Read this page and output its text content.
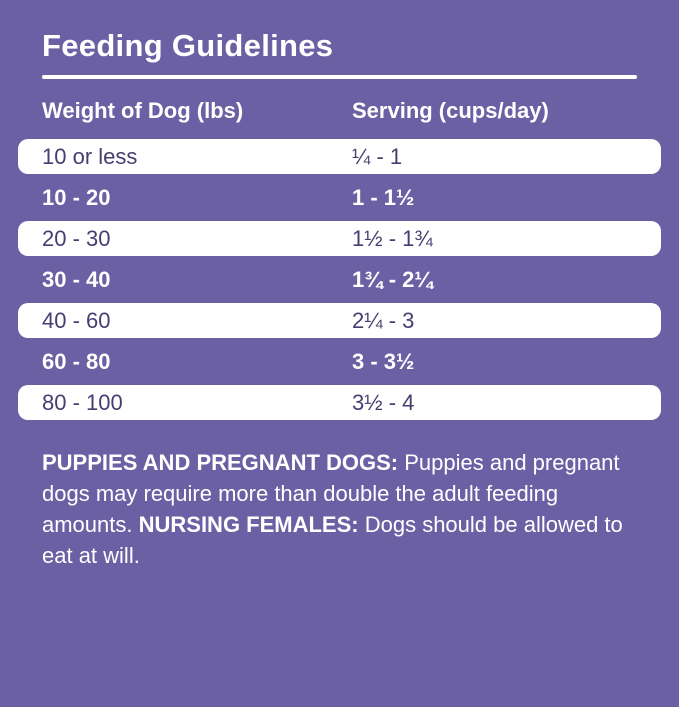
Feeding Guidelines
Weight of Dog (lbs)	Serving (cups/day)
10 or less	¼ - 1
10 - 20	1 - 1½
20 - 30	1½ - 1¾
30 - 40	1¾ - 2¼
40 - 60	2¼ - 3
60 - 80	3 - 3½
80 - 100	3½ - 4
PUPPIES AND PREGNANT DOGS: Puppies and pregnant dogs may require more than double the adult feeding amounts. NURSING FEMALES: Dogs should be allowed to eat at will.
